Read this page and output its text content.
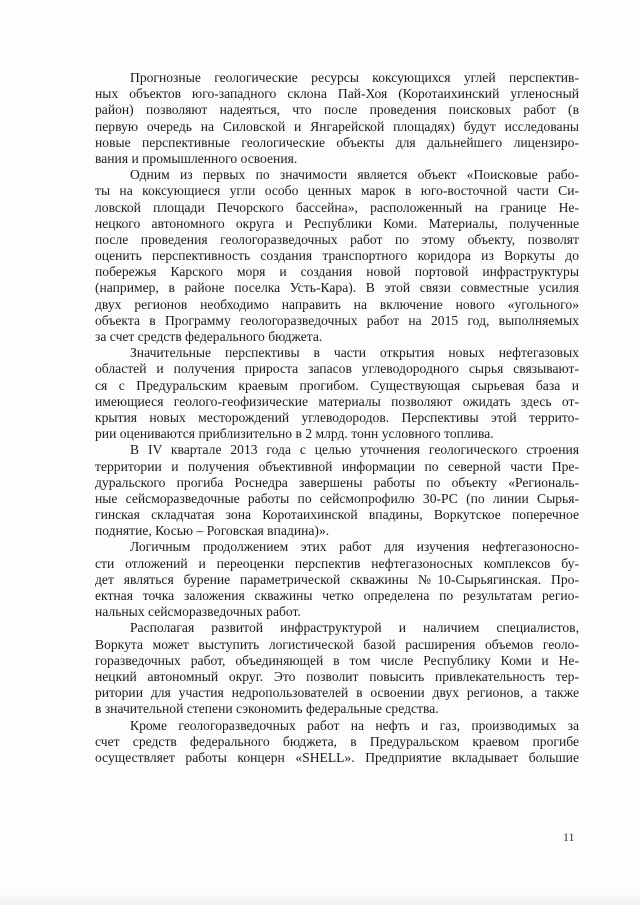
Прогнозные геологические ресурсы коксующихся углей перспектив-
ных объектов юго-западного склона Пай-Хоя (Коротаихинский угленосный
район) позволяют надеяться, что после проведения поисковых работ (в
первую очередь на Силовской и Янгарейской площадях) будут исследованы
новые перспективные геологические объекты для дальнейшего лицензиро-
вания и промышленного освоения.
Одним из первых по значимости является объект «Поисковые рабо-
ты на коксующиеся угли особо ценных марок в юго-восточной части Си-
ловской площади Печорского бассейна», расположенный на границе Не-
нецкого автономного округа и Республики Коми. Материалы, полученные
после проведения геологоразведочных работ по этому объекту, позволят
оценить перспективность создания транспортного коридора из Воркуты до
побережья Карского моря и создания новой портовой инфраструктуры
(например, в районе поселка Усть-Кара). В этой связи совместные усилия
двух регионов необходимо направить на включение нового «угольного»
объекта в Программу геологоразведочных работ на 2015 год, выполняемых
за счет средств федерального бюджета.
Значительные перспективы в части открытия новых нефтегазовых
областей и получения прироста запасов углеводородного сырья связывают-
ся с Предуральским краевым прогибом. Существующая сырьевая база и
имеющиеся геолого-геофизические материалы позволяют ожидать здесь от-
крытия новых месторождений углеводородов. Перспективы этой террито-
рии оцениваются приблизительно в 2 млрд. тонн условного топлива.
В IV квартале 2013 года с целью уточнения геологического строения
территории и получения объективной информации по северной части Пре-
дуральского прогиба Роснедра завершены работы по объекту «Региональ-
ные сейсморазведочные работы по сейсмопрофилю 30-РС (по линии Сырья-
гинская складчатая зона Коротаихинской впадины, Воркутское поперечное
поднятие, Косью – Роговская впадина)».
Логичным продолжением этих работ для изучения нефтегазоносно-
сти отложений и переоценки перспектив нефтегазоносных комплексов бу-
дет являться бурение параметрической скважины №10-Сырьягинская. Про-
ектная точка заложения скважины четко определена по результатам регио-
нальных сейсморазведочных работ.
Располагая развитой инфраструктурой и наличием специалистов,
Воркута может выступить логистической базой расширения объемов геоло-
горазведочных работ, объединяющей в том числе Республику Коми и Не-
нецкий автономный округ. Это позволит повысить привлекательность тер-
ритории для участия недропользователей в освоении двух регионов, а также
в значительной степени сэкономить федеральные средства.
Кроме геологоразведочных работ на нефть и газ, производимых за
счет средств федерального бюджета, в Предуральском краевом прогибе
осуществляет работы концерн «SHELL». Предприятие вкладывает большие
11
